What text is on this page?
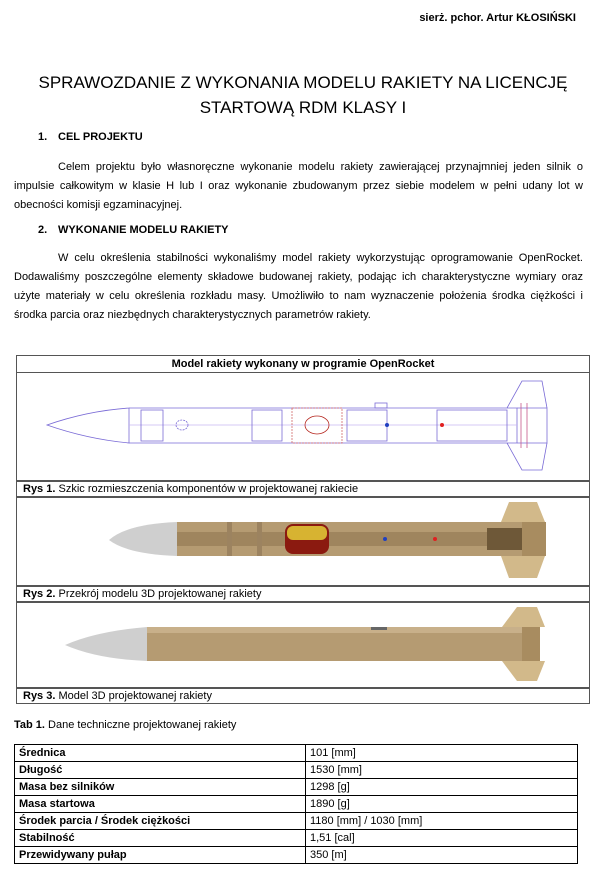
sierż. pchor. Artur KŁOSIŃSKI
SPRAWOZDANIE Z WYKONANIA MODELU RAKIETY NA LICENCJĘ
STARTOWĄ RDM KLASY I
1. CEL PROJEKTU
Celem projektu było własnoręczne wykonanie modelu rakiety zawierającej przynajmniej jeden silnik o impulsie całkowitym w klasie H lub I oraz wykonanie zbudowanym przez siebie modelem w pełni udany lot w obecności komisji egzaminacyjnej.
2. WYKONANIE MODELU RAKIETY
W celu określenia stabilności wykonaliśmy model rakiety wykorzystując oprogramowanie OpenRocket. Dodawaliśmy poszczególne elementy składowe budowanej rakiety, podając ich charakterystyczne wymiary oraz użyte materiały w celu określenia rozkładu masy. Umożliwiło to nam wyznaczenie położenia środka ciężkości i środka parcia oraz niezbędnych charakterystycznych parametrów rakiety.
Model rakiety wykonany w programie OpenRocket
Rys 1. Szkic rozmieszczenia komponentów w projektowanej rakiecie
Rys 2. Przekrój modelu 3D projektowanej rakiety
Rys 3. Model 3D projektowanej rakiety
Tab 1. Dane techniczne projektowanej rakiety
Średnica	101 [mm]
Długość	1530 [mm]
Masa bez silników	1298 [g]
Masa startowa	1890 [g]
Środek parcia / Środek ciężkości	1180 [mm] / 1030 [mm]
Stabilność	1,51 [cal]
Przewidywany pułap	350 [m]
